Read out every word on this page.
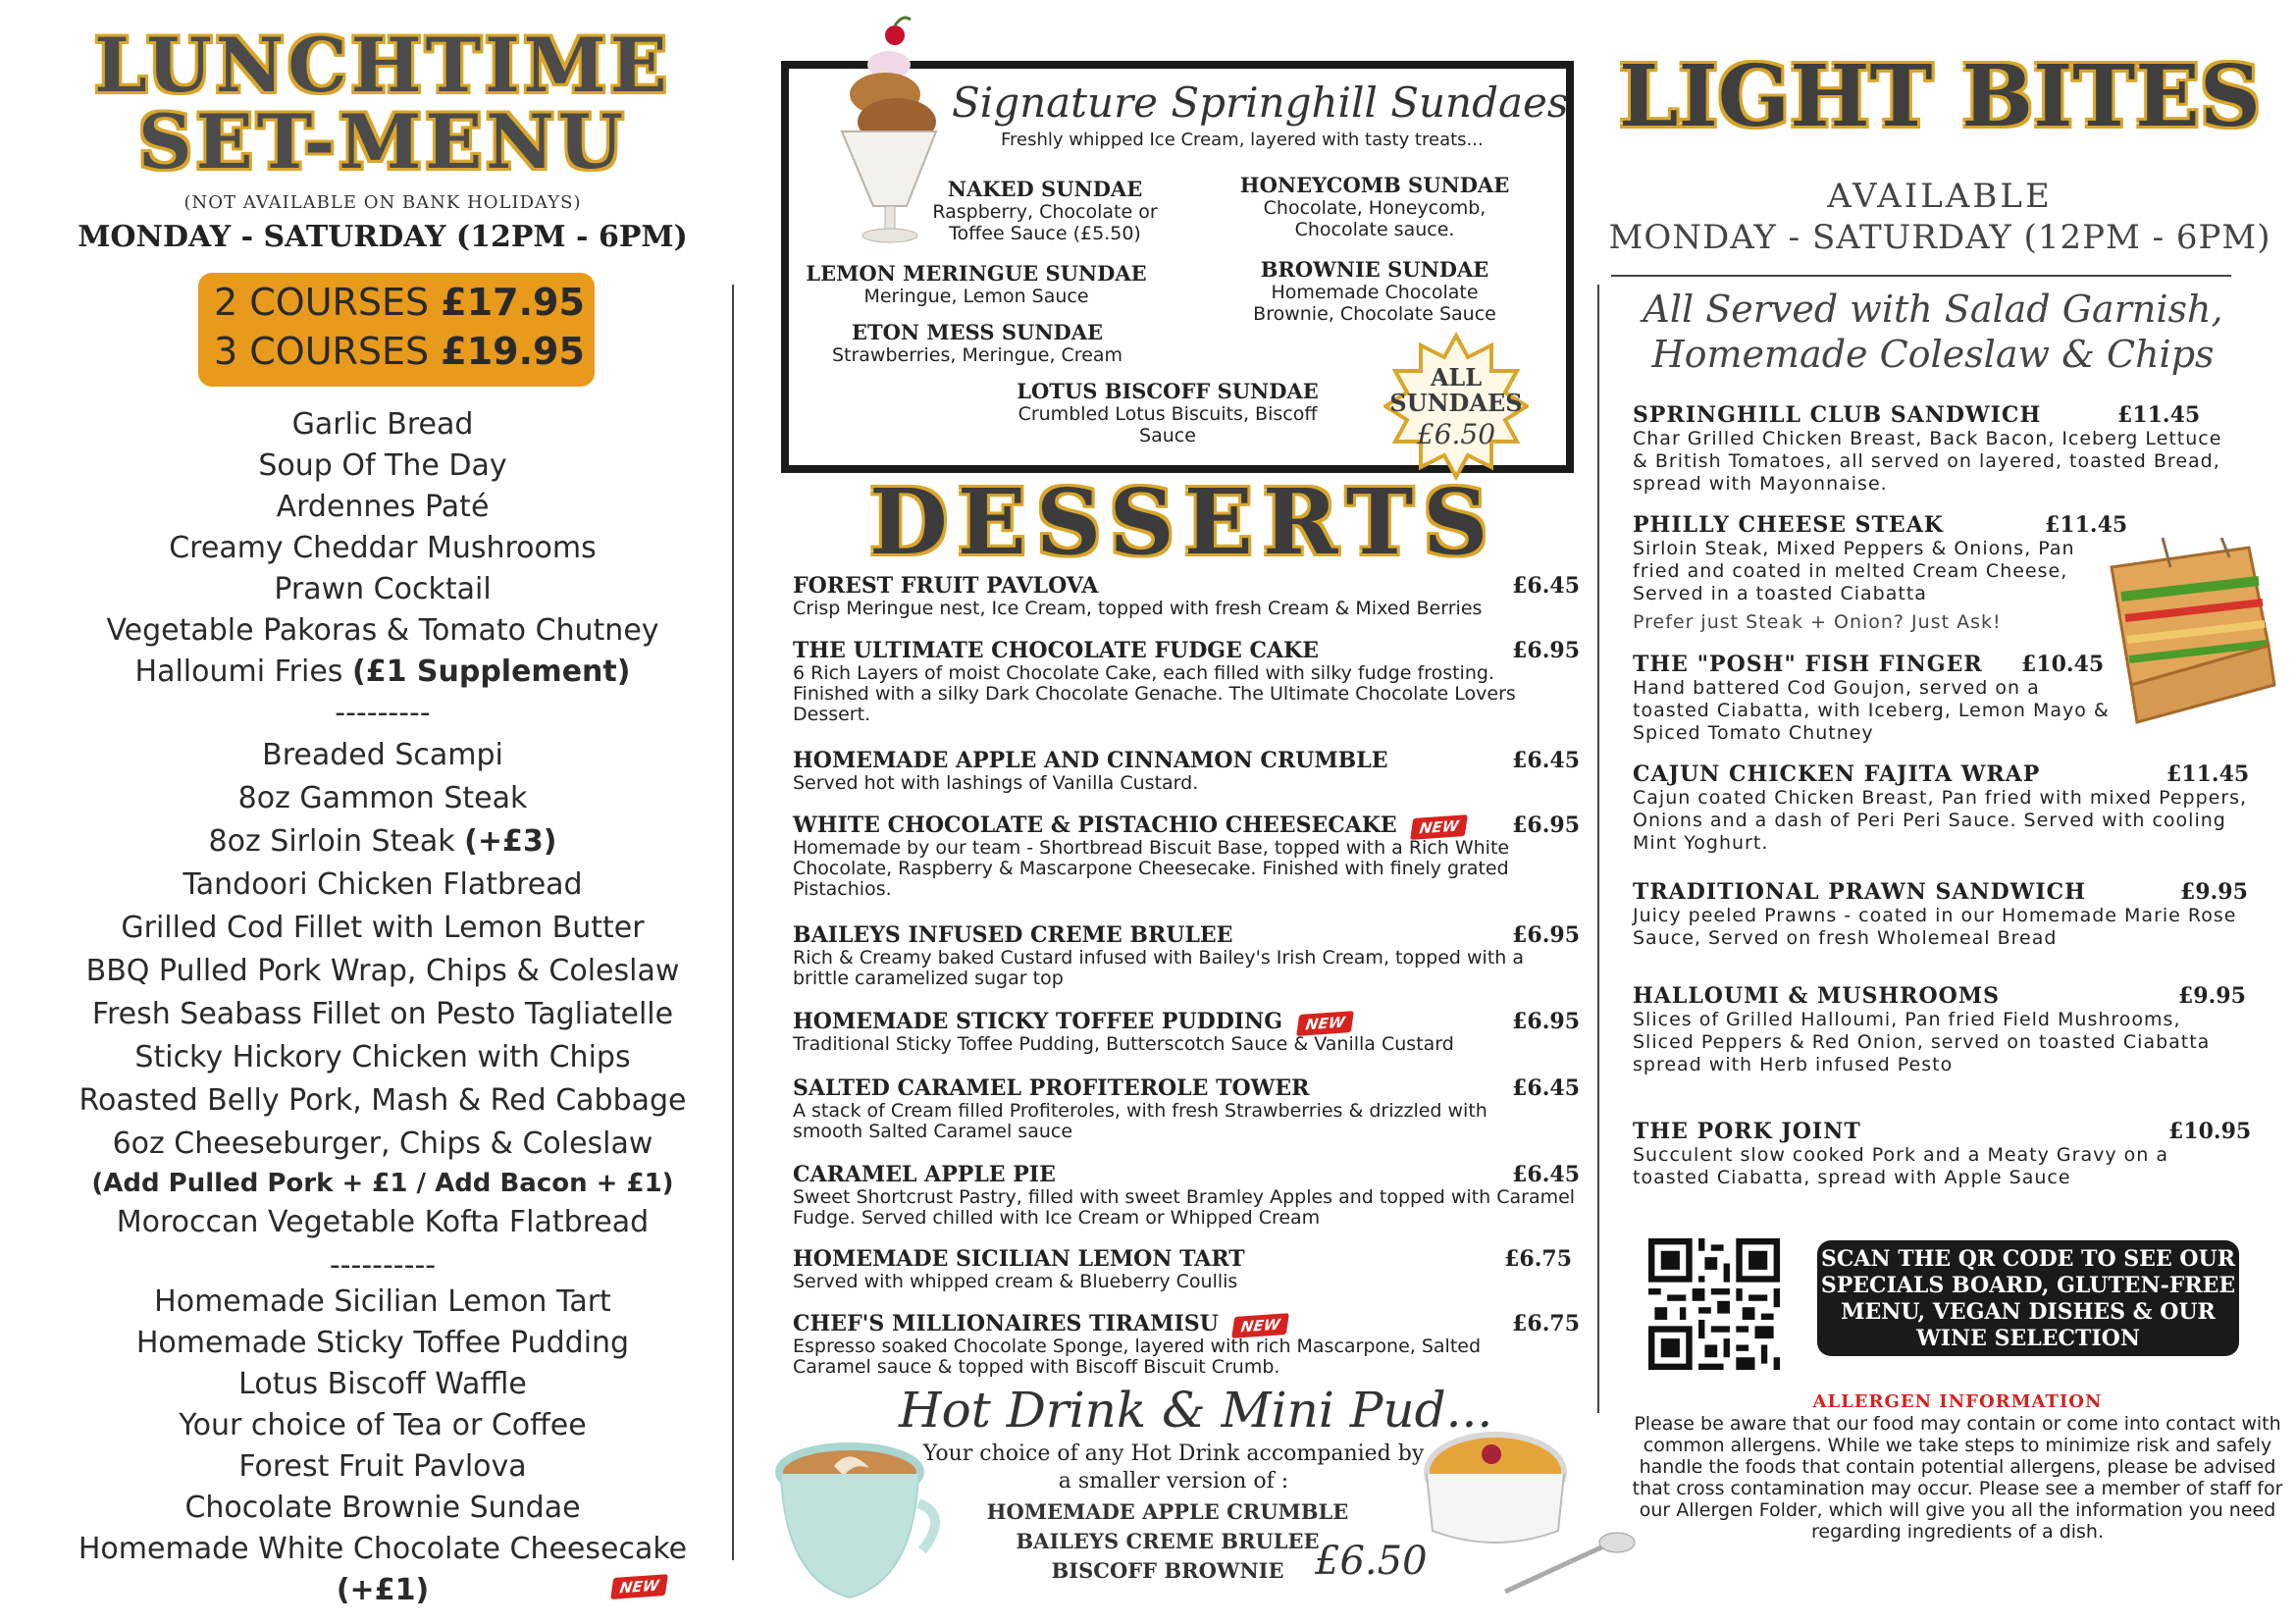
LUNCHTIME
SET-MENU
(NOT AVAILABLE ON BANK HOLIDAYS)
MONDAY - SATURDAY (12PM - 6PM)
2 COURSES £17.95
3 COURSES £19.95
Garlic Bread
Soup Of The Day
Ardennes Paté
Creamy Cheddar Mushrooms
Prawn Cocktail
Vegetable Pakoras & Tomato Chutney
Halloumi Fries (£1 Supplement)
---------
Breaded Scampi
8oz Gammon Steak
8oz Sirloin Steak (+£3)
Tandoori Chicken Flatbread
Grilled Cod Fillet with Lemon Butter
BBQ Pulled Pork Wrap, Chips & Coleslaw
Fresh Seabass Fillet on Pesto Tagliatelle
Sticky Hickory Chicken with Chips
Roasted Belly Pork, Mash & Red Cabbage
6oz Cheeseburger, Chips & Coleslaw
(Add Pulled Pork + £1 / Add Bacon + £1)
Moroccan Vegetable Kofta Flatbread
----------
Homemade Sicilian Lemon Tart
Homemade Sticky Toffee Pudding
Lotus Biscoff Waffle
Your choice of Tea or Coffee
Forest Fruit Pavlova
Chocolate Brownie Sundae
Homemade White Chocolate Cheesecake
(+£1)	NEW
Signature Springhill Sundaes
Freshly whipped Ice Cream, layered with tasty treats...
NAKED SUNDAE
Raspberry, Chocolate or
Toffee Sauce (£5.50)
HONEYCOMB SUNDAE
Chocolate, Honeycomb,
Chocolate sauce.
LEMON MERINGUE SUNDAE
Meringue, Lemon Sauce
BROWNIE SUNDAE
Homemade Chocolate
Brownie, Chocolate Sauce
ETON MESS SUNDAE
Strawberries, Meringue, Cream
LOTUS BISCOFF SUNDAE
Crumbled Lotus Biscuits, Biscoff
Sauce
ALL
SUNDAES
£6.50
DESSERTS
FOREST FRUIT PAVLOVA	£6.45
Crisp Meringue nest, Ice Cream, topped with fresh Cream & Mixed Berries
THE ULTIMATE CHOCOLATE FUDGE CAKE	£6.95
6 Rich Layers of moist Chocolate Cake, each filled with silky fudge frosting. Finished with a silky Dark Chocolate Genache. The Ultimate Chocolate Lovers Dessert.
HOMEMADE APPLE AND CINNAMON CRUMBLE	£6.45
Served hot with lashings of Vanilla Custard.
WHITE CHOCOLATE & PISTACHIO CHEESECAKE NEW	£6.95
Homemade by our team - Shortbread Biscuit Base, topped with a Rich White Chocolate, Raspberry & Mascarpone Cheesecake. Finished with finely grated Pistachios.
BAILEYS INFUSED CREME BRULEE	£6.95
Rich & Creamy baked Custard infused with Bailey's Irish Cream, topped with a brittle caramelized sugar top
HOMEMADE STICKY TOFFEE PUDDING NEW	£6.95
Traditional Sticky Toffee Pudding, Butterscotch Sauce & Vanilla Custard
SALTED CARAMEL PROFITEROLE TOWER	£6.45
A stack of Cream filled Profiteroles, with fresh Strawberries & drizzled with smooth Salted Caramel sauce
CARAMEL APPLE PIE	£6.45
Sweet Shortcrust Pastry, filled with sweet Bramley Apples and topped with Caramel Fudge. Served chilled with Ice Cream or Whipped Cream
HOMEMADE SICILIAN LEMON TART	£6.75
Served with whipped cream & Blueberry Coullis
CHEF'S MILLIONAIRES TIRAMISU NEW	£6.75
Espresso soaked Chocolate Sponge, layered with rich Mascarpone, Salted Caramel sauce & topped with Biscoff Biscuit Crumb.
Hot Drink & Mini Pud...
Your choice of any Hot Drink accompanied by
a smaller version of :
HOMEMADE APPLE CRUMBLE
BAILEYS CREME BRULEE
BISCOFF BROWNIE £6.50
LIGHT BITES
AVAILABLE
MONDAY - SATURDAY (12PM - 6PM)
All Served with Salad Garnish,
Homemade Coleslaw & Chips
SPRINGHILL CLUB SANDWICH	£11.45
Char Grilled Chicken Breast, Back Bacon, Iceberg Lettuce & British Tomatoes, all served on layered, toasted Bread, spread with Mayonnaise.
PHILLY CHEESE STEAK	£11.45
Sirloin Steak, Mixed Peppers & Onions, Pan fried and coated in melted Cream Cheese, Served in a toasted Ciabatta
Prefer just Steak + Onion? Just Ask!
THE "POSH" FISH FINGER	£10.45
Hand battered Cod Goujon, served on a toasted Ciabatta, with Iceberg, Lemon Mayo & Spiced Tomato Chutney
CAJUN CHICKEN FAJITA WRAP	£11.45
Cajun coated Chicken Breast, Pan fried with mixed Peppers, Onions and a dash of Peri Peri Sauce. Served with cooling Mint Yoghurt.
TRADITIONAL PRAWN SANDWICH	£9.95
Juicy peeled Prawns - coated in our Homemade Marie Rose Sauce, Served on fresh Wholemeal Bread
HALLOUMI & MUSHROOMS	£9.95
Slices of Grilled Halloumi, Pan fried Field Mushrooms, Sliced Peppers & Red Onion, served on toasted Ciabatta spread with Herb infused Pesto
THE PORK JOINT	£10.95
Succulent slow cooked Pork and a Meaty Gravy on a toasted Ciabatta, spread with Apple Sauce
SCAN THE QR CODE TO SEE OUR SPECIALS BOARD, GLUTEN-FREE MENU, VEGAN DISHES & OUR WINE SELECTION
ALLERGEN INFORMATION
Please be aware that our food may contain or come into contact with common allergens. While we take steps to minimize risk and safely handle the foods that contain potential allergens, please be advised that cross contamination may occur. Please see a member of staff for our Allergen Folder, which will give you all the information you need regarding ingredients of a dish.
